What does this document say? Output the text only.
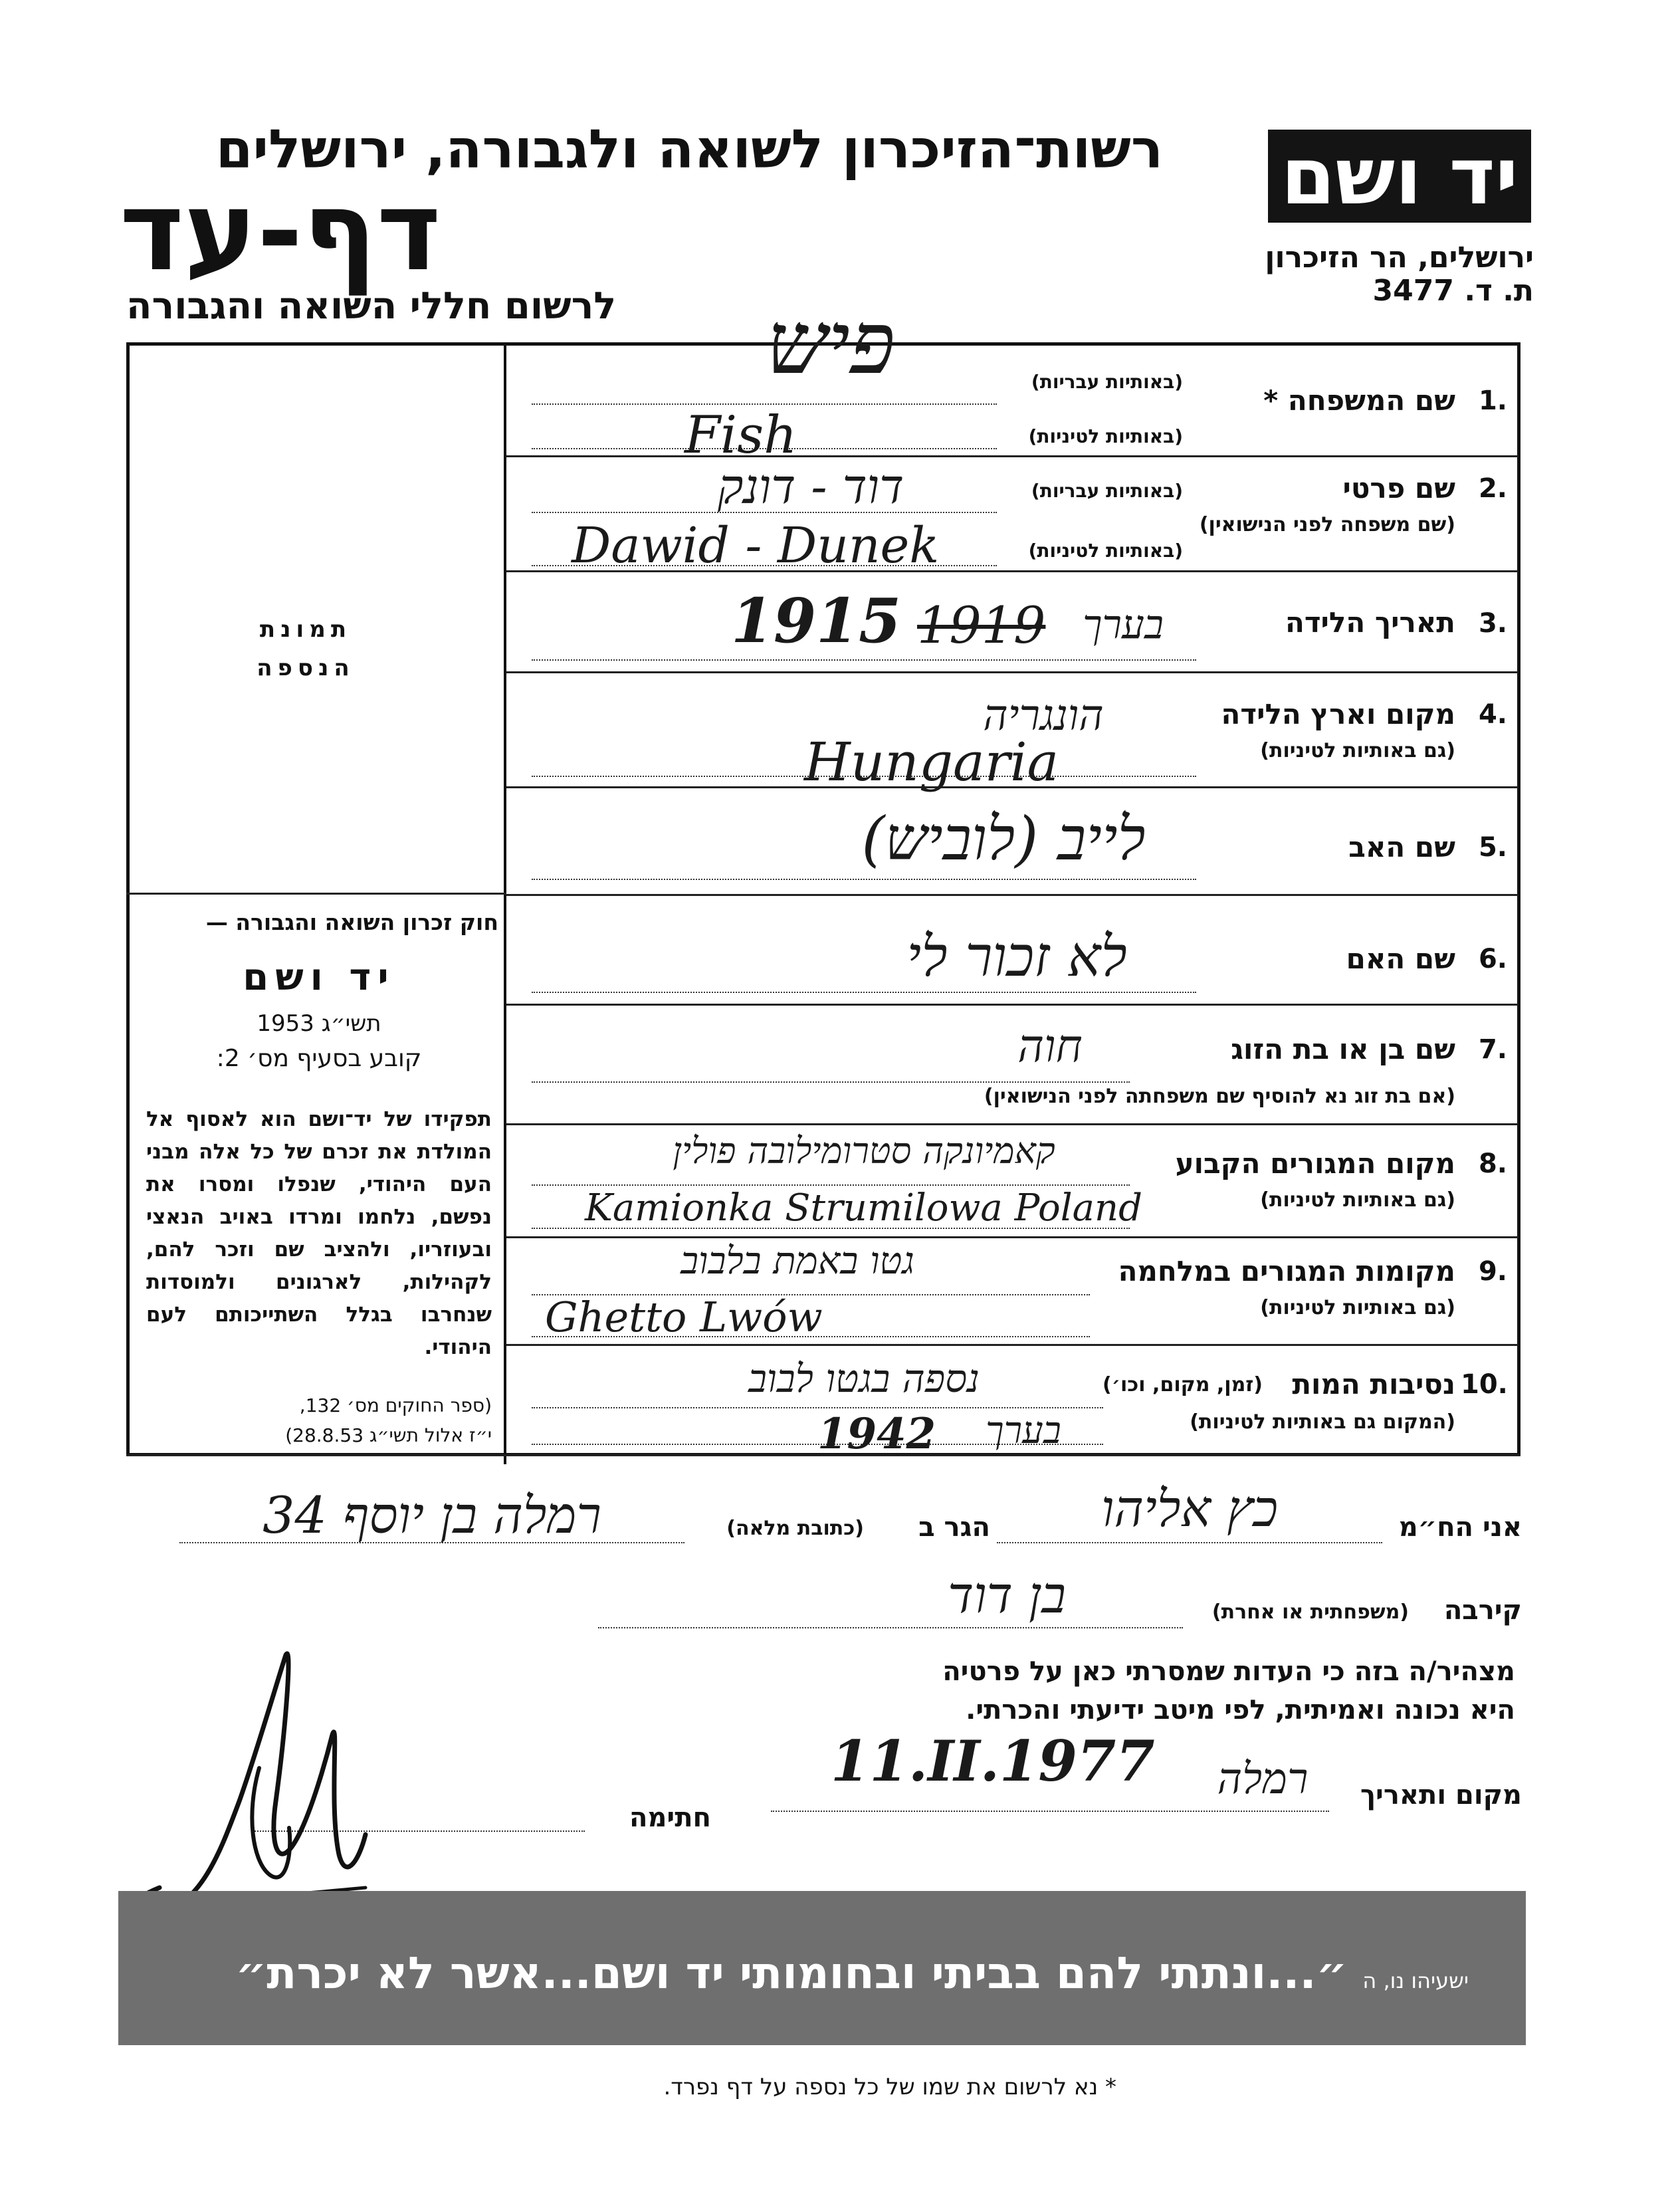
יד ושם
ירושלים, הר הזיכרון
ת. ד. 3477
רשות־הזיכרון לשואה ולגבורה, ירושלים
דף-עד
לרשום חללי השואה והגבורה
1.
שם המשפחה *
(באותיות עבריות)
(באותיות לטיניות)
פיש
Fish
2.
שם פרטי
(שם משפחה לפני הנישואין)
(באותיות עבריות)
(באותיות לטיניות)
דוד - דונק
Dawid - Dunek
3.
תאריך הלידה
1915 1919 בערך
4.
מקום וארץ הלידה
(גם באותיות לטיניות)
הונגריה
Hungaria
5.
שם האב
לייב (לוביש)
6.
שם האם
לא זכור לי
7.
שם בן או בת הזוג
(אם בת זוג נא להוסיף שם משפחתה לפני הנישואין)
חוה
8.
מקום המגורים הקבוע
(גם באותיות לטיניות)
קאמיונקה סטרומילובה פולין
Kamionka Strumilowa Poland
9.
מקומות המגורים במלחמה
(גם באותיות לטיניות)
גטו באמת בלבוב
Ghetto Lwów
10.
נסיבות המות
(זמן, מקום, וכו׳)
(המקום גם באותיות לטיניות)
נספה בגטו לבוב
1942	בערך
תמונת
הנספה
חוק זכרון השואה והגבורה —
יד ושם
תשי״ג 1953
קובע בסעיף מס׳ 2:
תפקידו של יד־ושם הוא לאסוף אל המולדת את זכרם של כל אלה מבני העם היהודי, שנפלו ומסרו את נפשם, נלחמו ומרדו באויב הנאצי ובעוזריו, ולהציב שם וזכר להם, לקהילות, לארגונים ולמוסדות שנחרבו בגלל השתייכותם לעם היהודי.
(ספר החוקים מס׳ 132,
י״ז אלול תשי״ג 28.8.53)
אני הח״מ
כץ אליהו
הגר ב
(כתובת מלאה)
רמלה בן יוסף 34
קירבה
(משפחתית או אחרת)
בן דוד
מצהיר/ה בזה כי העדות שמסרתי כאן על פרטיה
היא נכונה ואמיתית, לפי מיטב ידיעתי והכרתי.
מקום ותאריך
רמלה
11.II.1977
חתימה
ישעיהו נו, ה ״...ונתתי להם בביתי ובחומותי יד ושם...אשר לא יכרת״
* נא לרשום את שמו של כל נספה על דף נפרד.
